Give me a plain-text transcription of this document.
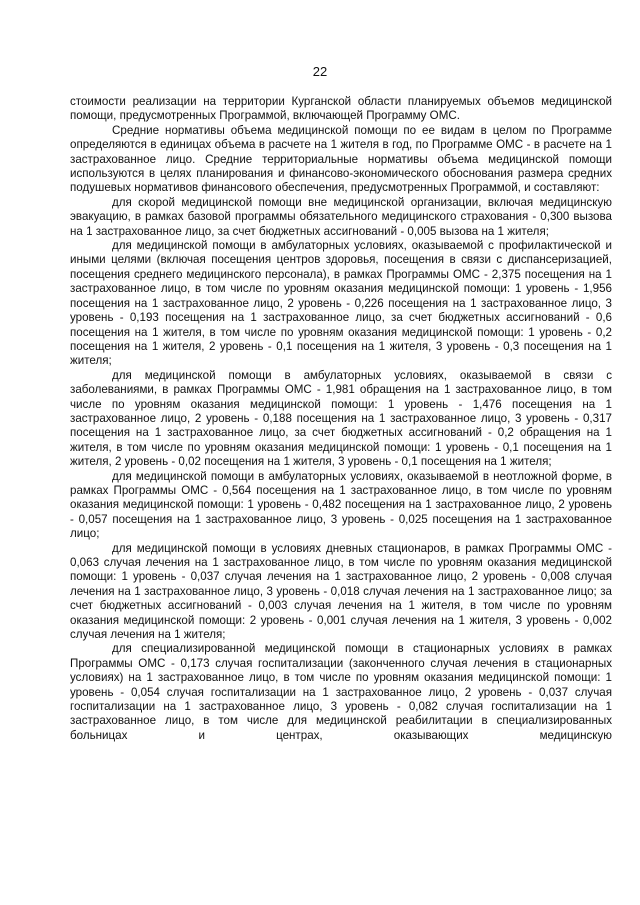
22

стоимости реализации на территории Курганской области планируемых объемов медицинской помощи, предусмотренных Программой, включающей Программу ОМС.

Средние нормативы объема медицинской помощи по ее видам в целом по Программе определяются в единицах объема в расчете на 1 жителя в год, по Программе ОМС - в расчете на 1 застрахованное лицо. Средние территориальные нормативы объема медицинской помощи используются в целях планирования и финансово-экономического обоснования размера средних подушевых нормативов финансового обеспечения, предусмотренных Программой, и составляют:

для скорой медицинской помощи вне медицинской организации, включая медицинскую эвакуацию, в рамках базовой программы обязательного медицинского страхования - 0,300 вызова на 1 застрахованное лицо, за счет бюджетных ассигнований - 0,005 вызова на 1 жителя;

для медицинской помощи в амбулаторных условиях, оказываемой с профилактической и иными целями (включая посещения центров здоровья, посещения в связи с диспансеризацией, посещения среднего медицинского персонала), в рамках Программы ОМС - 2,375 посещения на 1 застрахованное лицо, в том числе по уровням оказания медицинской помощи: 1 уровень - 1,956 посещения на 1 застрахованное лицо, 2 уровень - 0,226 посещения на 1 застрахованное лицо, 3 уровень - 0,193 посещения на 1 застрахованное лицо, за счет бюджетных ассигнований - 0,6 посещения на 1 жителя, в том числе по уровням оказания медицинской помощи: 1 уровень - 0,2 посещения на 1 жителя, 2 уровень - 0,1 посещения на 1 жителя, 3 уровень - 0,3 посещения на 1 жителя;

для медицинской помощи в амбулаторных условиях, оказываемой в связи с заболеваниями, в рамках Программы ОМС - 1,981 обращения на 1 застрахованное лицо, в том числе по уровням оказания медицинской помощи: 1 уровень - 1,476 посещения на 1 застрахованное лицо, 2 уровень - 0,188 посещения на 1 застрахованное лицо, 3 уровень - 0,317 посещения на 1 застрахованное лицо, за счет бюджетных ассигнований - 0,2 обращения на 1 жителя, в том числе по уровням оказания медицинской помощи: 1 уровень - 0,1 посещения на 1 жителя, 2 уровень - 0,02 посещения на 1 жителя, 3 уровень - 0,1 посещения на 1 жителя;

для медицинской помощи в амбулаторных условиях, оказываемой в неотложной форме, в рамках Программы ОМС - 0,564 посещения на 1 застрахованное лицо, в том числе по уровням оказания медицинской помощи: 1 уровень - 0,482 посещения на 1 застрахованное лицо, 2 уровень - 0,057 посещения на 1 застрахованное лицо, 3 уровень - 0,025 посещения на 1 застрахованное лицо;

для медицинской помощи в условиях дневных стационаров, в рамках Программы ОМС - 0,063 случая лечения на 1 застрахованное лицо, в том числе по уровням оказания медицинской помощи: 1 уровень - 0,037 случая лечения на 1 застрахованное лицо, 2 уровень - 0,008 случая лечения на 1 застрахованное лицо, 3 уровень - 0,018 случая лечения на 1 застрахованное лицо; за счет бюджетных ассигнований - 0,003 случая лечения на 1 жителя, в том числе по уровням оказания медицинской помощи: 2 уровень - 0,001 случая лечения на 1 жителя, 3 уровень - 0,002 случая лечения на 1 жителя;

для специализированной медицинской помощи в стационарных условиях в рамках Программы ОМС - 0,173 случая госпитализации (законченного случая лечения в стационарных условиях) на 1 застрахованное лицо, в том числе по уровням оказания медицинской помощи: 1 уровень - 0,054 случая госпитализации на 1 застрахованное лицо, 2 уровень - 0,037 случая госпитализации на 1 застрахованное лицо, 3 уровень - 0,082 случая госпитализации на 1 застрахованное лицо, в том числе для медицинской реабилитации в специализированных больницах и центрах, оказывающих медицинскую
